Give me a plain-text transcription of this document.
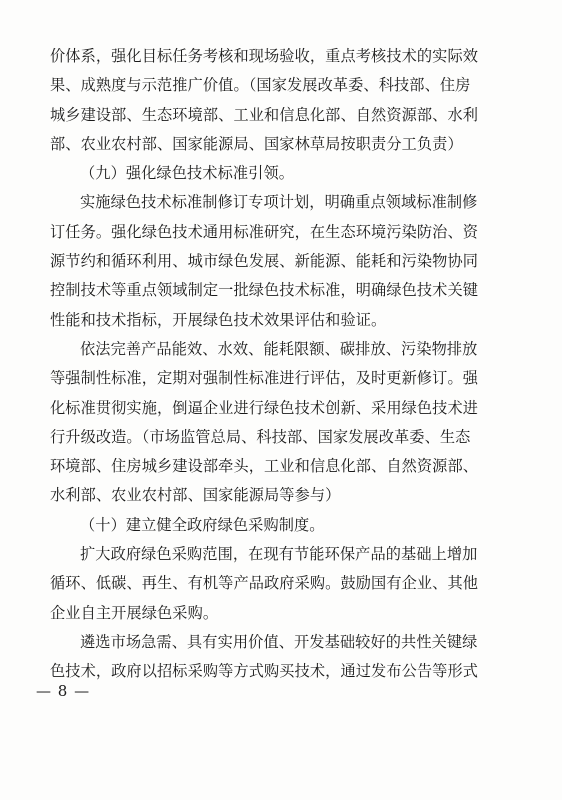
价体系，强化目标任务考核和现场验收，重点考核技术的实际效
果、成熟度与示范推广价值。（国家发展改革委、科技部、住房
城乡建设部、生态环境部、工业和信息化部、自然资源部、水利
部、农业农村部、国家能源局、国家林草局按职责分工负责）
（九）强化绿色技术标准引领。
实施绿色技术标准制修订专项计划，明确重点领域标准制修
订任务。强化绿色技术通用标准研究，在生态环境污染防治、资
源节约和循环利用、城市绿色发展、新能源、能耗和污染物协同
控制技术等重点领域制定一批绿色技术标准，明确绿色技术关键
性能和技术指标，开展绿色技术效果评估和验证。
依法完善产品能效、水效、能耗限额、碳排放、污染物排放
等强制性标准，定期对强制性标准进行评估，及时更新修订。强
化标准贯彻实施，倒逼企业进行绿色技术创新、采用绿色技术进
行升级改造。（市场监管总局、科技部、国家发展改革委、生态
环境部、住房城乡建设部牵头，工业和信息化部、自然资源部、
水利部、农业农村部、国家能源局等参与）
（十）建立健全政府绿色采购制度。
扩大政府绿色采购范围，在现有节能环保产品的基础上增加
循环、低碳、再生、有机等产品政府采购。鼓励国有企业、其他
企业自主开展绿色采购。
遴选市场急需、具有实用价值、开发基础较好的共性关键绿
色技术，政府以招标采购等方式购买技术，通过发布公告等形式
— 8 —
